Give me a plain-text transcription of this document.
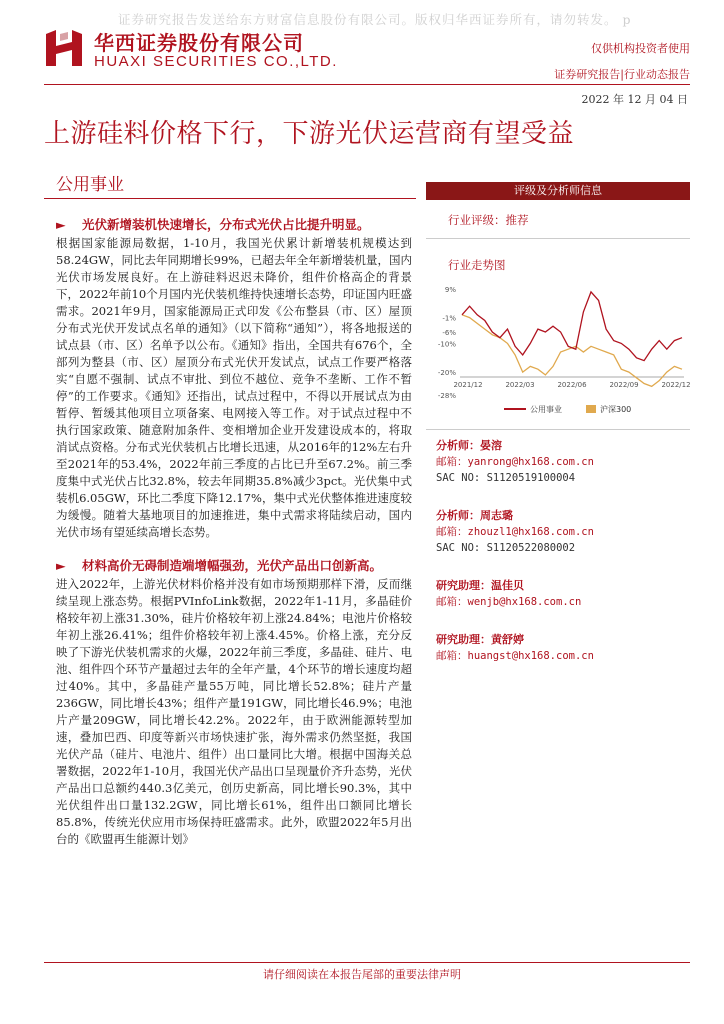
证券研究报告发送给东方财富信息股份有限公司。版权归华西证券所有，请勿转发。 p
华西证券股份有限公司
HUAXI SECURITIES CO.,LTD.
仅供机构投资者使用
证券研究报告|行业动态报告
2022 年 12 月 04 日
上游硅料价格下行，下游光伏运营商有望受益
公用事业
► 光伏新增装机快速增长，分布式光伏占比提升明显。
根据国家能源局数据，1-10月，我国光伏累计新增装机规模达到58.24GW，同比去年同期增长99%，已超去年全年新增装机量，国内光伏市场发展良好。在上游硅料迟迟未降价，组件价格高企的背景下，2022年前10个月国内光伏装机维持快速增长态势，印证国内旺盛需求。2021年9月，国家能源局正式印发《公布整县（市、区）屋顶分布式光伏开发试点名单的通知》（以下简称“通知”），将各地报送的试点县（市、区）名单予以公布。《通知》指出，全国共有676个，全部列为整县（市、区）屋顶分布式光伏开发试点，试点工作要严格落实“自愿不强制、试点不审批、到位不越位、竞争不垄断、工作不暂停”的工作要求。《通知》还指出，试点过程中，不得以开展试点为由暂停、暂缓其他项目立项备案、电网接入等工作。对于试点过程中不执行国家政策、随意附加条件、变相增加企业开发建设成本的，将取消试点资格。分布式光伏装机占比增长迅速，从2016年的12%左右升至2021年的53.4%，2022年前三季度的占比已升至67.2%。前三季度集中式光伏占比32.8%，较去年同期35.8%减少3pct。光伏集中式装机6.05GW，环比二季度下降12.17%，集中式光伏整体推进速度较为缓慢。随着大基地项目的加速推进，集中式需求将陆续启动，国内光伏市场有望延续高增长态势。
► 材料高价无碍制造端增幅强劲，光伏产品出口创新高。
进入2022年，上游光伏材料价格并没有如市场预期那样下滑，反而继续呈现上涨态势。根据PVInfoLink数据，2022年1-11月，多晶硅价格较年初上涨31.30%，硅片价格较年初上涨24.84%；电池片价格较年初上涨26.41%；组件价格较年初上涨4.45%。价格上涨，充分反映了下游光伏装机需求的火爆，2022年前三季度，多晶硅、硅片、电池、组件四个环节产量超过去年的全年产量，4个环节的增长速度均超过40%。其中，多晶硅产量55万吨，同比增长52.8%；硅片产量236GW，同比增长43%；组件产量191GW，同比增长46.9%；电池片产量209GW，同比增长42.2%。2022年，由于欧洲能源转型加速，叠加巴西、印度等新兴市场快速扩张，海外需求仍然坚挺，我国光伏产品（硅片、电池片、组件）出口量同比大增。根据中国海关总署数据，2022年1-10月，我国光伏产品出口呈现量价齐升态势，光伏产品出口总额约440.3亿美元，创历史新高，同比增长90.3%，其中光伏组件出口量132.2GW，同比增长61%，组件出口额同比增长85.8%，传统光伏应用市场保持旺盛需求。此外，欧盟2022年5月出台的《欧盟再生能源计划》
评级及分析师信息
行业评级：推荐
行业走势图
9%
-1%
-6%
-10%
-20%
-28%
2021/12	2022/03	2022/06	2022/09	2022/12
公用事业	沪深300
分析师：晏溶
邮箱：yanrong@hx168.com.cn
SAC NO: S1120519100004
分析师：周志璐
邮箱：zhouzl1@hx168.com.cn
SAC NO: S1120522080002
研究助理：温佳贝
邮箱：wenjb@hx168.com.cn
研究助理：黄舒婷
邮箱：huangst@hx168.com.cn
请仔细阅读在本报告尾部的重要法律声明
